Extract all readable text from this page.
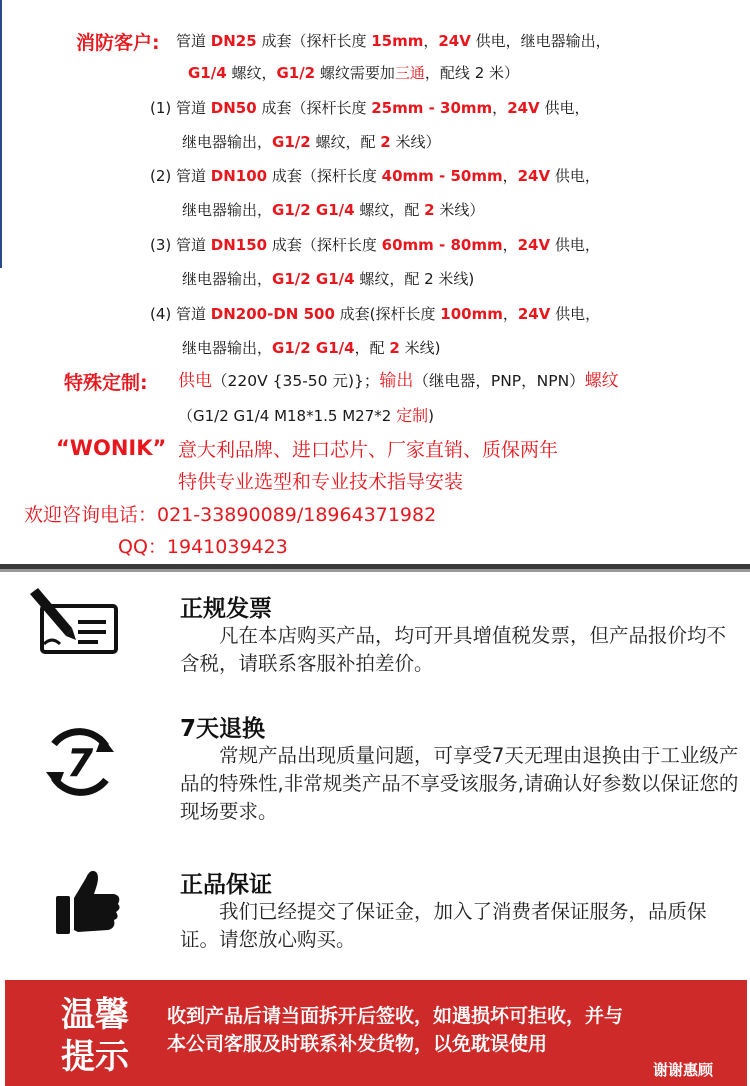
消防客户: 管道 DN25 成套（探杆长度 15mm，24V 供电，继电器输出，
G1/4 螺纹，G1/2 螺纹需要加三通，配线 2 米）
(1) 管道 DN50 成套（探杆长度 25mm - 30mm，24V 供电，
继电器输出，G1/2 螺纹，配 2 米线）
(2) 管道 DN100 成套（探杆长度 40mm - 50mm，24V 供电，
继电器输出，G1/2 G1/4 螺纹，配 2 米线）
(3) 管道 DN150 成套（探杆长度 60mm - 80mm，24V 供电，
继电器输出，G1/2 G1/4 螺纹，配 2 米线)
(4) 管道 DN200-DN 500 成套(探杆长度 100mm，24V 供电，
继电器输出，G1/2 G1/4，配 2 米线)
特殊定制: 供电（220V {35-50 元)}；输出（继电器，PNP，NPN）螺纹
（G1/2 G1/4 M18*1.5 M27*2 定制)
“WONIK” 意大利品牌、进口芯片、厂家直销、质保两年
特供专业选型和专业技术指导安装
欢迎咨询电话：021-33890089/18964371982
QQ：1941039423
正规发票
　　凡在本店购买产品，均可开具增值税发票，但产品报价均不含税，请联系客服补拍差价。
7
7天退换
　　常规产品出现质量问题，可享受7天无理由退换由于工业级产品的特殊性,非常规类产品不享受该服务,请确认好参数以保证您的现场要求。
正品保证
　　我们已经提交了保证金，加入了消费者保证服务，品质保证。请您放心购买。
温馨
提示
收到产品后请当面拆开后签收，如遇损坏可拒收，并与
本公司客服及时联系补发货物，以免耽误使用
谢谢惠顾
